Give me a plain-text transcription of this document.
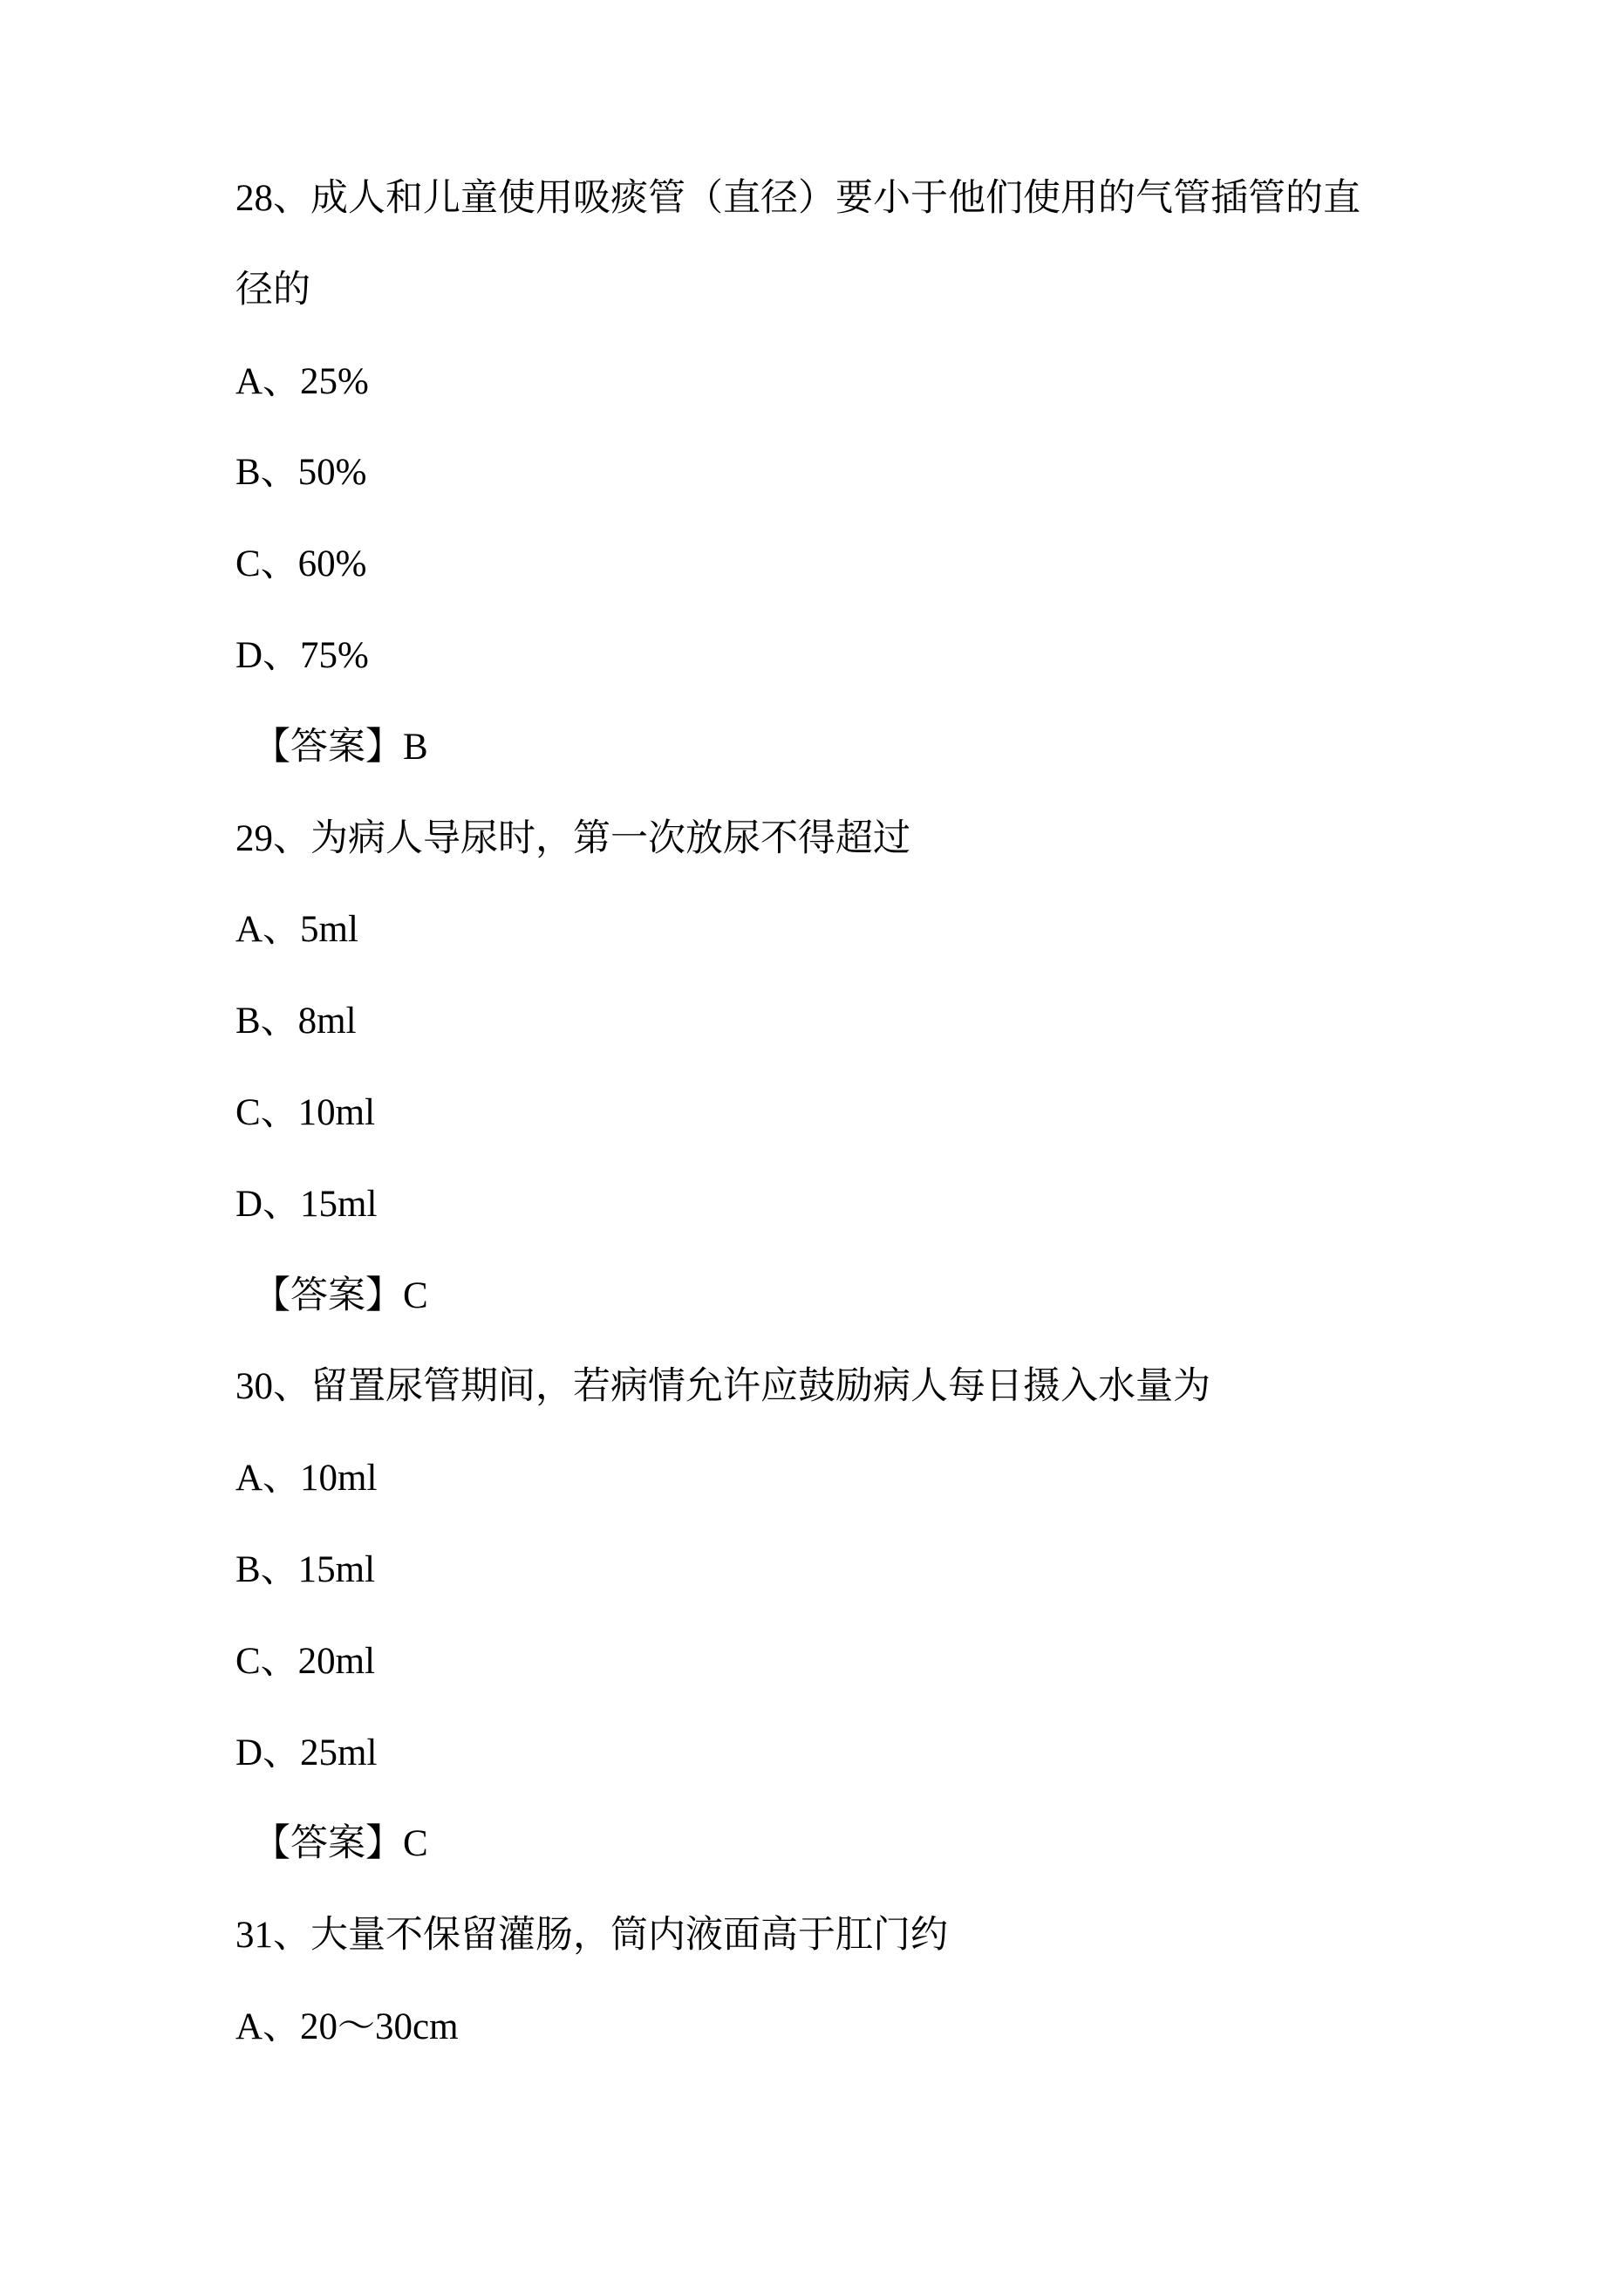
28、成人和儿童使用吸痰管（直径）要小于他们使用的气管插管的直
径的
A、25%
B、50%
C、60%
D、75%
【答案】B
29、为病人导尿时，第一次放尿不得超过
A、5ml
B、8ml
C、10ml
D、15ml
【答案】C
30、留置尿管期间，若病情允许应鼓励病人每日摄入水量为
A、10ml
B、15ml
C、20ml
D、25ml
【答案】C
31、大量不保留灌肠，筒内液面高于肛门约
A、20〜30cm
